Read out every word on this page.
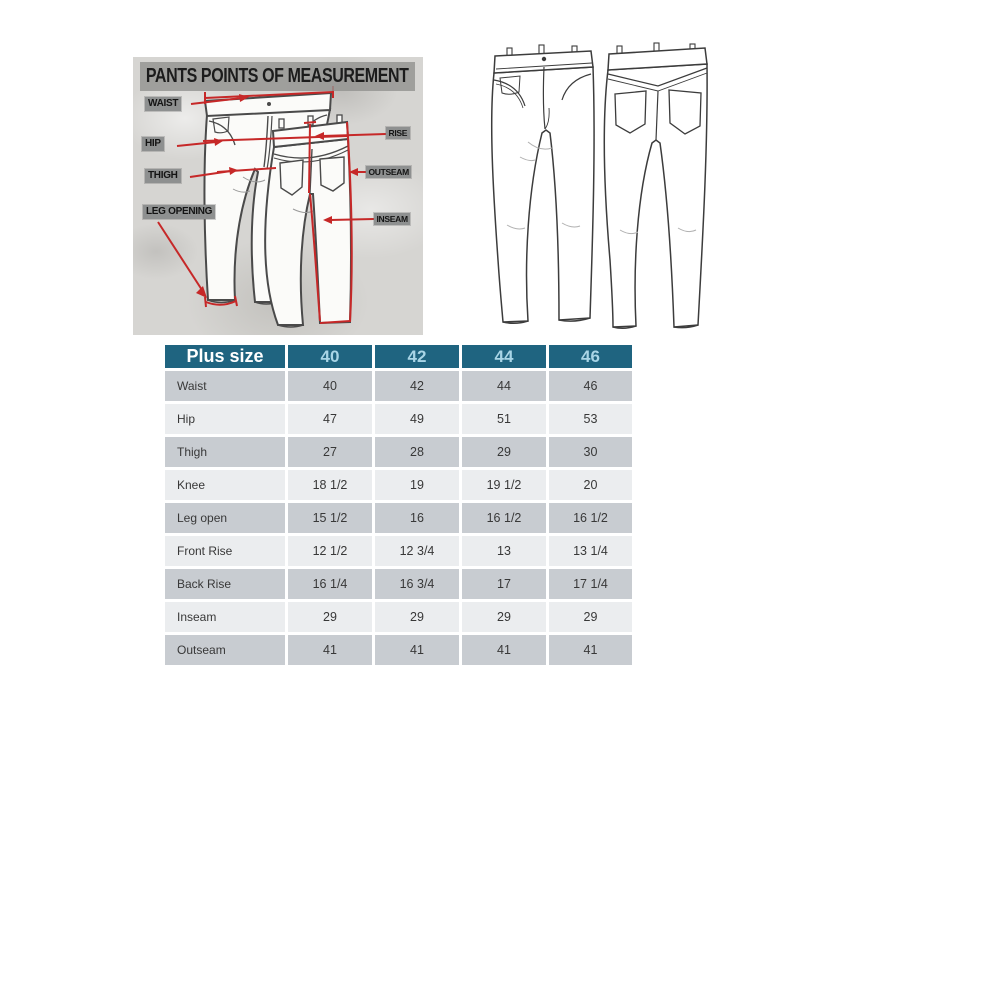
PANTS POINTS OF MEASUREMENT
WAIST
HIP
THIGH
LEG OPENING
RISE
OUTSEAM
INSEAM
Plus size	40	42	44	46
Waist	40	42	44	46
Hip	47	49	51	53
Thigh	27	28	29	30
Knee	18 1/2	19	19 1/2	20
Leg open	15 1/2	16	16 1/2	16 1/2
Front Rise	12 1/2	12 3/4	13	13 1/4
Back Rise	16 1/4	16 3/4	17	17 1/4
Inseam	29	29	29	29
Outseam	41	41	41	41
